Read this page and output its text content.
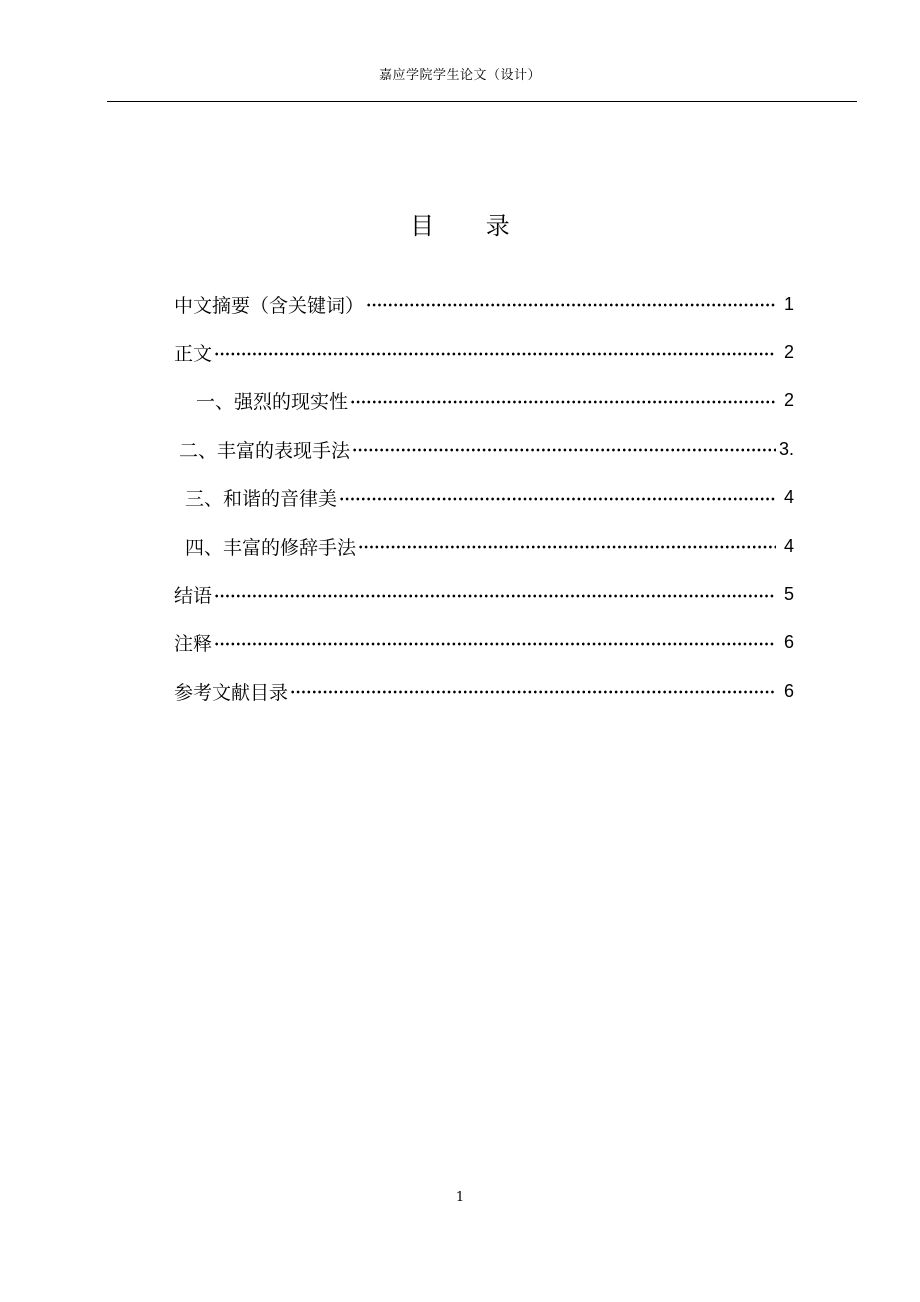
嘉应学院学生论文（设计）
目 录
中文摘要（含关键词）	1
正文	2
一、强烈的现实性	2
二、丰富的表现手法	3.
三、和谐的音律美	4
四、丰富的修辞手法	4
结语	5
注释	6
参考文献目录	6
1
